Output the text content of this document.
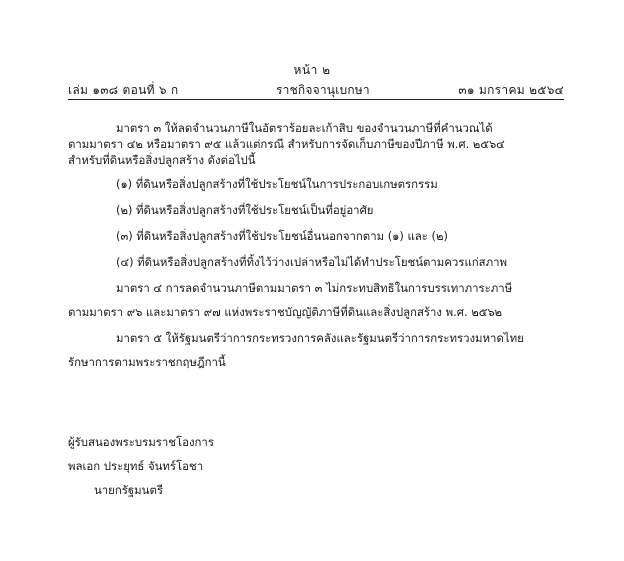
หน้า ๒
เล่ม ๑๓๘ ตอนที่ ๖ ก	ราชกิจจานุเบกษา	๓๑ มกราคม ๒๕๖๔
มาตรา ๓ ให้ลดจำนวนภาษีในอัตราร้อยละเก้าสิบ ของจำนวนภาษีที่คำนวณได้
ตามมาตรา ๔๒ หรือมาตรา ๙๕ แล้วแต่กรณี สำหรับการจัดเก็บภาษีของปีภาษี พ.ศ. ๒๕๖๔
สำหรับที่ดินหรือสิ่งปลูกสร้าง ดังต่อไปนี้
(๑) ที่ดินหรือสิ่งปลูกสร้างที่ใช้ประโยชน์ในการประกอบเกษตรกรรม
(๒) ที่ดินหรือสิ่งปลูกสร้างที่ใช้ประโยชน์เป็นที่อยู่อาศัย
(๓) ที่ดินหรือสิ่งปลูกสร้างที่ใช้ประโยชน์อื่นนอกจากตาม (๑) และ (๒)
(๔) ที่ดินหรือสิ่งปลูกสร้างที่ทิ้งไว้ว่างเปล่าหรือไม่ได้ทำประโยชน์ตามควรแก่สภาพ
มาตรา ๔ การลดจำนวนภาษีตามมาตรา ๓ ไม่กระทบสิทธิในการบรรเทาภาระภาษี
ตามมาตรา ๙๖ และมาตรา ๙๗ แห่งพระราชบัญญัติภาษีที่ดินและสิ่งปลูกสร้าง พ.ศ. ๒๕๖๒
มาตรา ๕ ให้รัฐมนตรีว่าการกระทรวงการคลังและรัฐมนตรีว่าการกระทรวงมหาดไทย
รักษาการตามพระราชกฤษฎีกานี้
ผู้รับสนองพระบรมราชโองการ
พลเอก ประยุทธ์ จันทร์โอชา
นายกรัฐมนตรี
